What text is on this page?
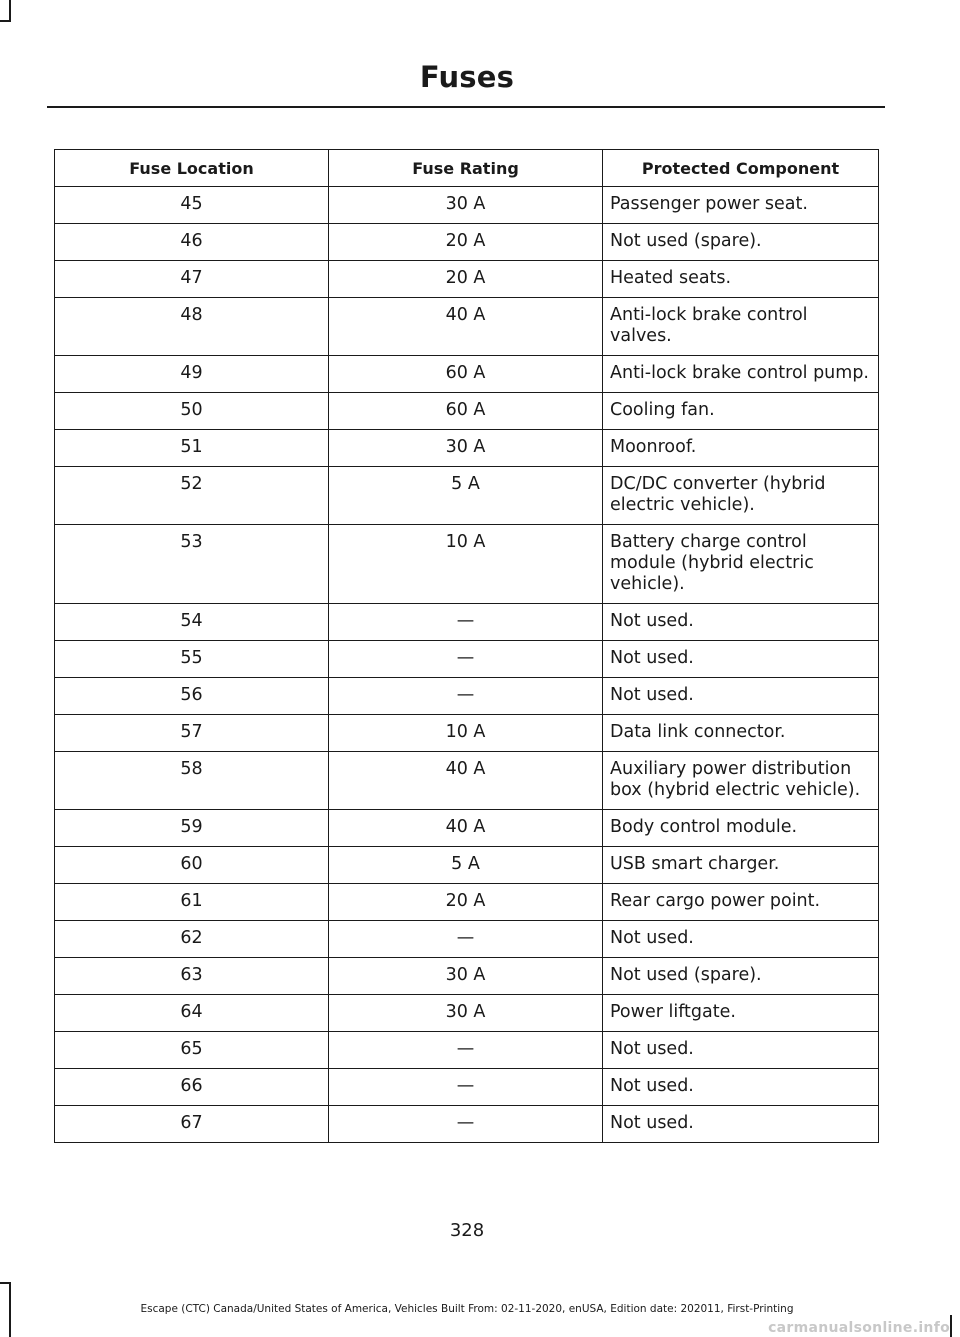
Fuses
Fuse Location	Fuse Rating	Protected Component
45	30 A	Passenger power seat.
46	20 A	Not used (spare).
47	20 A	Heated seats.
48	40 A	Anti-lock brake control valves.
49	60 A	Anti-lock brake control pump.
50	60 A	Cooling fan.
51	30 A	Moonroof.
52	5 A	DC/DC converter (hybrid electric vehicle).
53	10 A	Battery charge control module (hybrid electric vehicle).
54	—	Not used.
55	—	Not used.
56	—	Not used.
57	10 A	Data link connector.
58	40 A	Auxiliary power distribution box (hybrid electric vehicle).
59	40 A	Body control module.
60	5 A	USB smart charger.
61	20 A	Rear cargo power point.
62	—	Not used.
63	30 A	Not used (spare).
64	30 A	Power liftgate.
65	—	Not used.
66	—	Not used.
67	—	Not used.
328
Escape (CTC) Canada/United States of America, Vehicles Built From: 02-11-2020, enUSA, Edition date: 202011, First-Printing
carmanualsonline.info
